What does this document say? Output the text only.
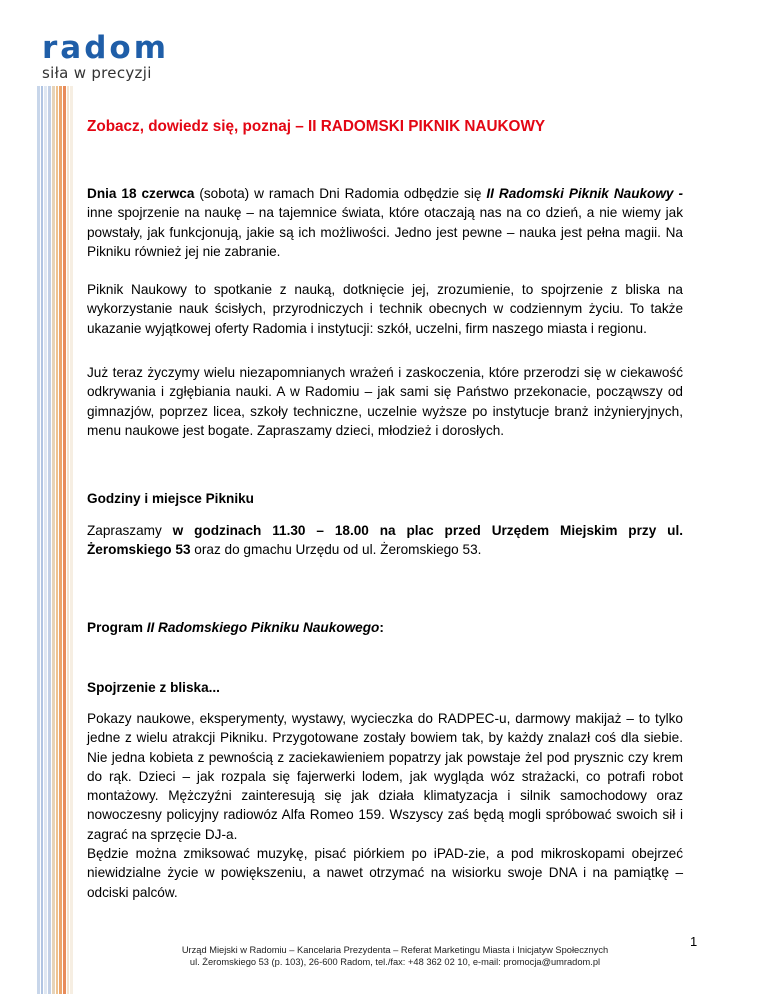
radom
siła w precyzji
Zobacz, dowiedz się, poznaj – II RADOMSKI PIKNIK NAUKOWY

Dnia 18 czerwca (sobota) w ramach Dni Radomia odbędzie się II Radomski Piknik Naukowy - inne spojrzenie na naukę – na tajemnice świata, które otaczają nas na co dzień, a nie wiemy jak powstały, jak funkcjonują, jakie są ich możliwości. Jedno jest pewne – nauka jest pełna magii. Na Pikniku również jej nie zabranie.

Piknik Naukowy to spotkanie z nauką, dotknięcie jej, zrozumienie, to spojrzenie z bliska na wykorzystanie nauk ścisłych, przyrodniczych i technik obecnych w codziennym życiu. To także ukazanie wyjątkowej oferty Radomia i instytucji: szkół, uczelni, firm naszego miasta i regionu.

Już teraz życzymy wielu niezapomnianych wrażeń i zaskoczenia, które przerodzi się w ciekawość odkrywania i zgłębiania nauki. A w Radomiu – jak sami się Państwo przekonacie, począwszy od gimnazjów, poprzez licea, szkoły techniczne, uczelnie wyższe po instytucje branż inżynieryjnych, menu naukowe jest bogate. Zapraszamy dzieci, młodzież i dorosłych.

Godziny i miejsce Pikniku

Zapraszamy w godzinach 11.30 – 18.00 na plac przed Urzędem Miejskim przy ul. Żeromskiego 53 oraz do gmachu Urzędu od ul. Żeromskiego 53.

Program II Radomskiego Pikniku Naukowego:

Spojrzenie z bliska...

Pokazy naukowe, eksperymenty, wystawy, wycieczka do RADPEC-u, darmowy makijaż – to tylko jedne z wielu atrakcji Pikniku. Przygotowane zostały bowiem tak, by każdy znalazł coś dla siebie. Nie jedna kobieta z pewnością z zaciekawieniem popatrzy jak powstaje żel pod prysznic czy krem do rąk. Dzieci – jak rozpala się fajerwerki lodem, jak wygląda wóz strażacki, co potrafi robot montażowy. Mężczyźni zainteresują się jak działa klimatyzacja i silnik samochodowy oraz nowoczesny policyjny radiowóz Alfa Romeo 159. Wszyscy zaś będą mogli spróbować swoich sił i zagrać na sprzęcie DJ-a.

Będzie można zmiksować muzykę, pisać piórkiem po iPAD-zie, a pod mikroskopami obejrzeć niewidzialne życie w powiększeniu, a nawet otrzymać na wisiorku swoje DNA i na pamiątkę – odciski palców.

Urząd Miejski w Radomiu – Kancelaria Prezydenta – Referat Marketingu Miasta i Inicjatyw Społecznych
ul. Żeromskiego 53 (p. 103), 26-600 Radom, tel./fax: +48 362 02 10, e-mail: promocja@umradom.pl
1
